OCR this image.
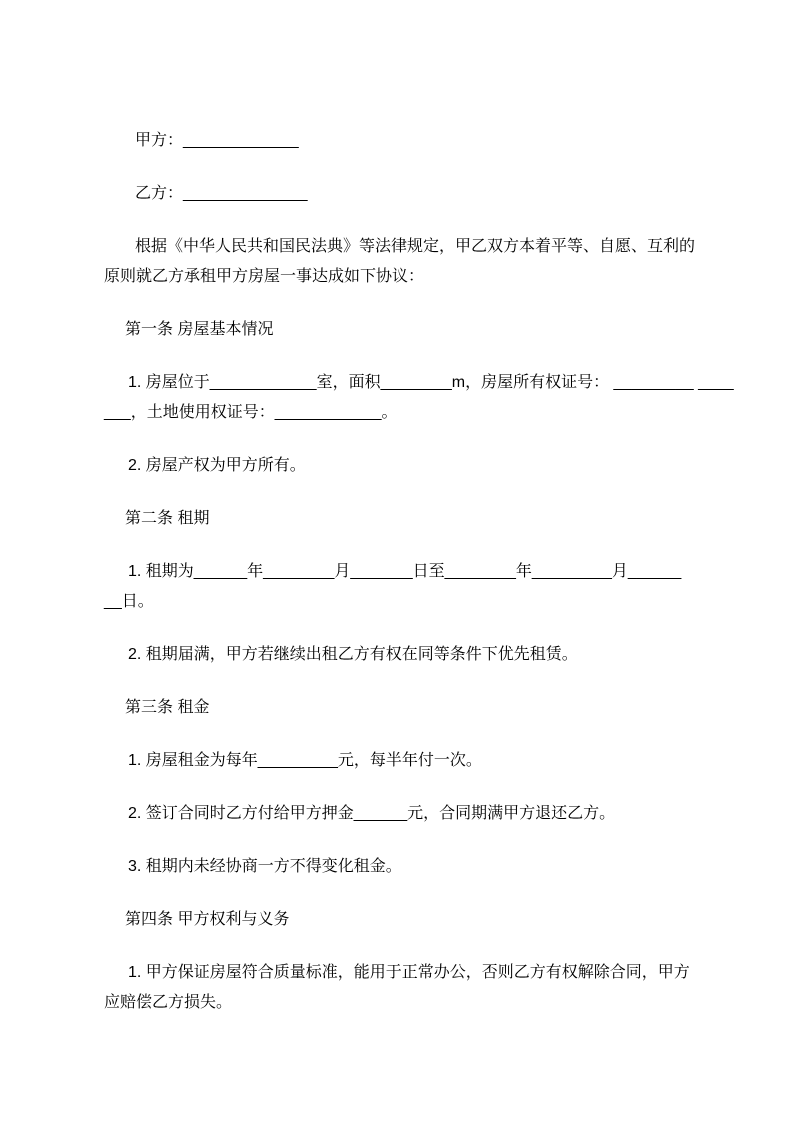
甲方：_____________
乙方：______________
根据《中华人民共和国民法典》等法律规定，甲乙双方本着平等、自愿、互利的
原则就乙方承租甲方房屋一事达成如下协议：
第一条 房屋基本情况
1. 房屋位于____________室，面积________m，房屋所有权证号： _________ ____
___，土地使用权证号：____________。
2. 房屋产权为甲方所有。
第二条 租期
1. 租期为______年________月_______日至________年_________月______
__日。
2. 租期届满，甲方若继续出租乙方有权在同等条件下优先租赁。
第三条 租金
1. 房屋租金为每年_________元，每半年付一次。
2. 签订合同时乙方付给甲方押金______元，合同期满甲方退还乙方。
3. 租期内未经协商一方不得变化租金。
第四条 甲方权利与义务
1. 甲方保证房屋符合质量标准，能用于正常办公，否则乙方有权解除合同，甲方
应赔偿乙方损失。
